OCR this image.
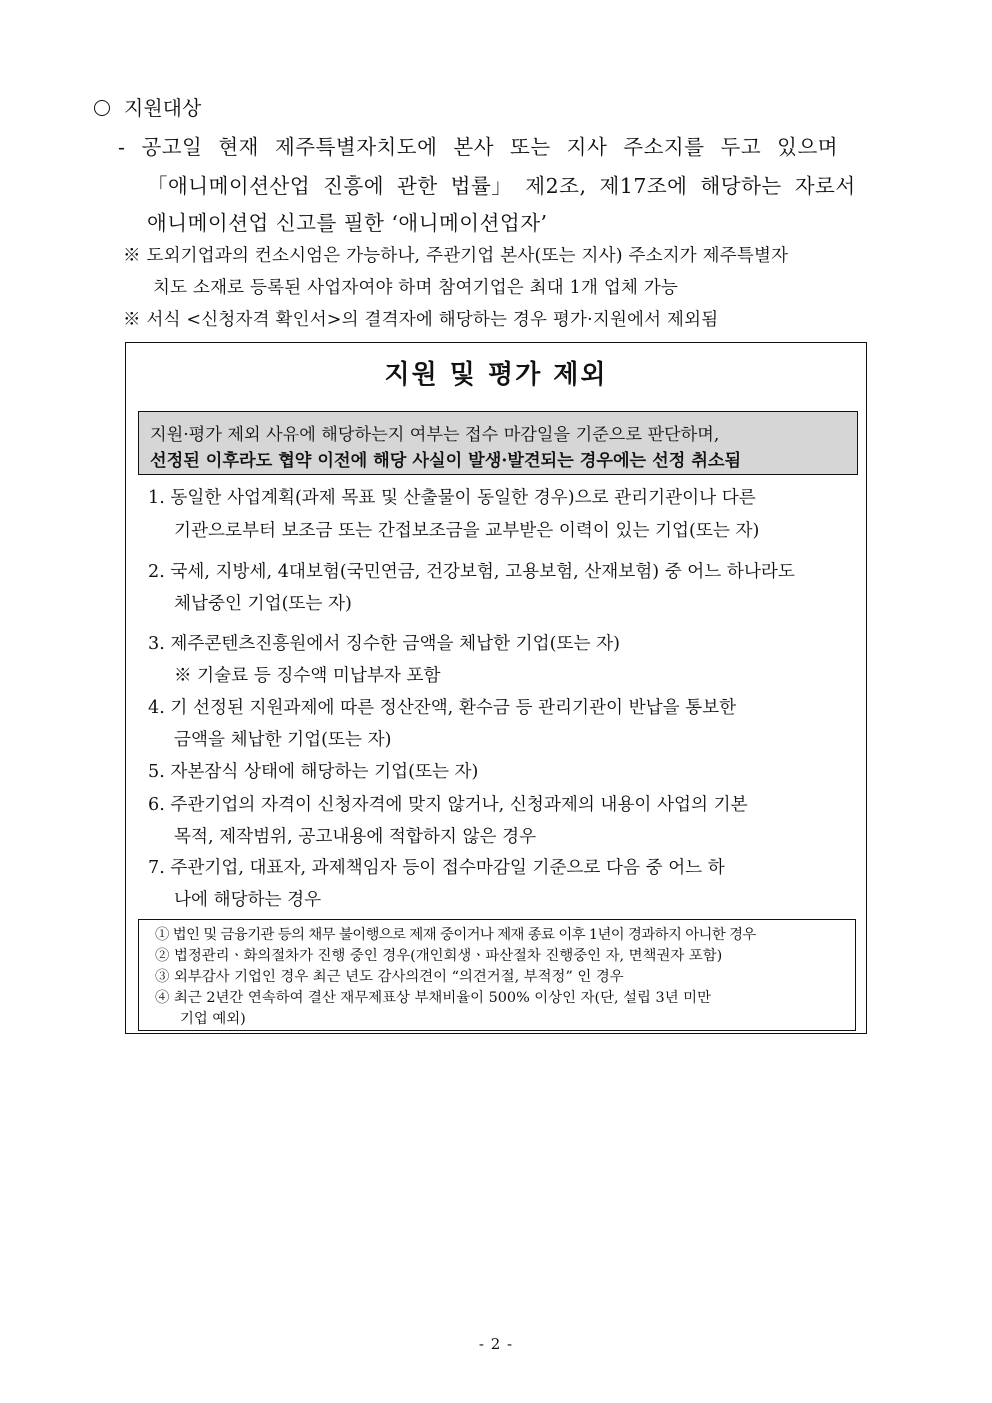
지원대상
- 공고일 현재 제주특별자치도에 본사 또는 지사 주소지를 두고 있으며
「애니메이션산업 진흥에 관한 법률」 제2조, 제17조에 해당하는 자로서
애니메이션업 신고를 필한 ‘애니메이션업자’
※ 도외기업과의 컨소시엄은 가능하나, 주관기업 본사(또는 지사) 주소지가 제주특별자
치도 소재로 등록된 사업자여야 하며 참여기업은 최대 1개 업체 가능
※ 서식 <신청자격 확인서>의 결격자에 해당하는 경우 평가·지원에서 제외됨
지원 및 평가 제외
지원·평가 제외 사유에 해당하는지 여부는 접수 마감일을 기준으로 판단하며,
선정된 이후라도 협약 이전에 해당 사실이 발생·발견되는 경우에는 선정 취소됨
1. 동일한 사업계획(과제 목표 및 산출물이 동일한 경우)으로 관리기관이나 다른
기관으로부터 보조금 또는 간접보조금을 교부받은 이력이 있는 기업(또는 자)
2. 국세, 지방세, 4대보험(국민연금, 건강보험, 고용보험, 산재보험) 중 어느 하나라도
체납중인 기업(또는 자)
3. 제주콘텐츠진흥원에서 징수한 금액을 체납한 기업(또는 자)
※ 기술료 등 징수액 미납부자 포함
4. 기 선정된 지원과제에 따른 정산잔액, 환수금 등 관리기관이 반납을 통보한
금액을 체납한 기업(또는 자)
5. 자본잠식 상태에 해당하는 기업(또는 자)
6. 주관기업의 자격이 신청자격에 맞지 않거나, 신청과제의 내용이 사업의 기본
목적, 제작범위, 공고내용에 적합하지 않은 경우
7. 주관기업, 대표자, 과제책임자 등이 접수마감일 기준으로 다음 중 어느 하
나에 해당하는 경우
① 법인 및 금융기관 등의 채무 불이행으로 제재 중이거나 제재 종료 이후 1년이 경과하지 아니한 경우
② 법정관리ㆍ화의절차가 진행 중인 경우(개인회생ㆍ파산절차 진행중인 자, 면책권자 포함)
③ 외부감사 기업인 경우 최근 년도 감사의견이 “의견거절, 부적정” 인 경우
④ 최근 2년간 연속하여 결산 재무제표상 부채비율이 500% 이상인 자(단, 설립 3년 미만
기업 예외)
- 2 -
